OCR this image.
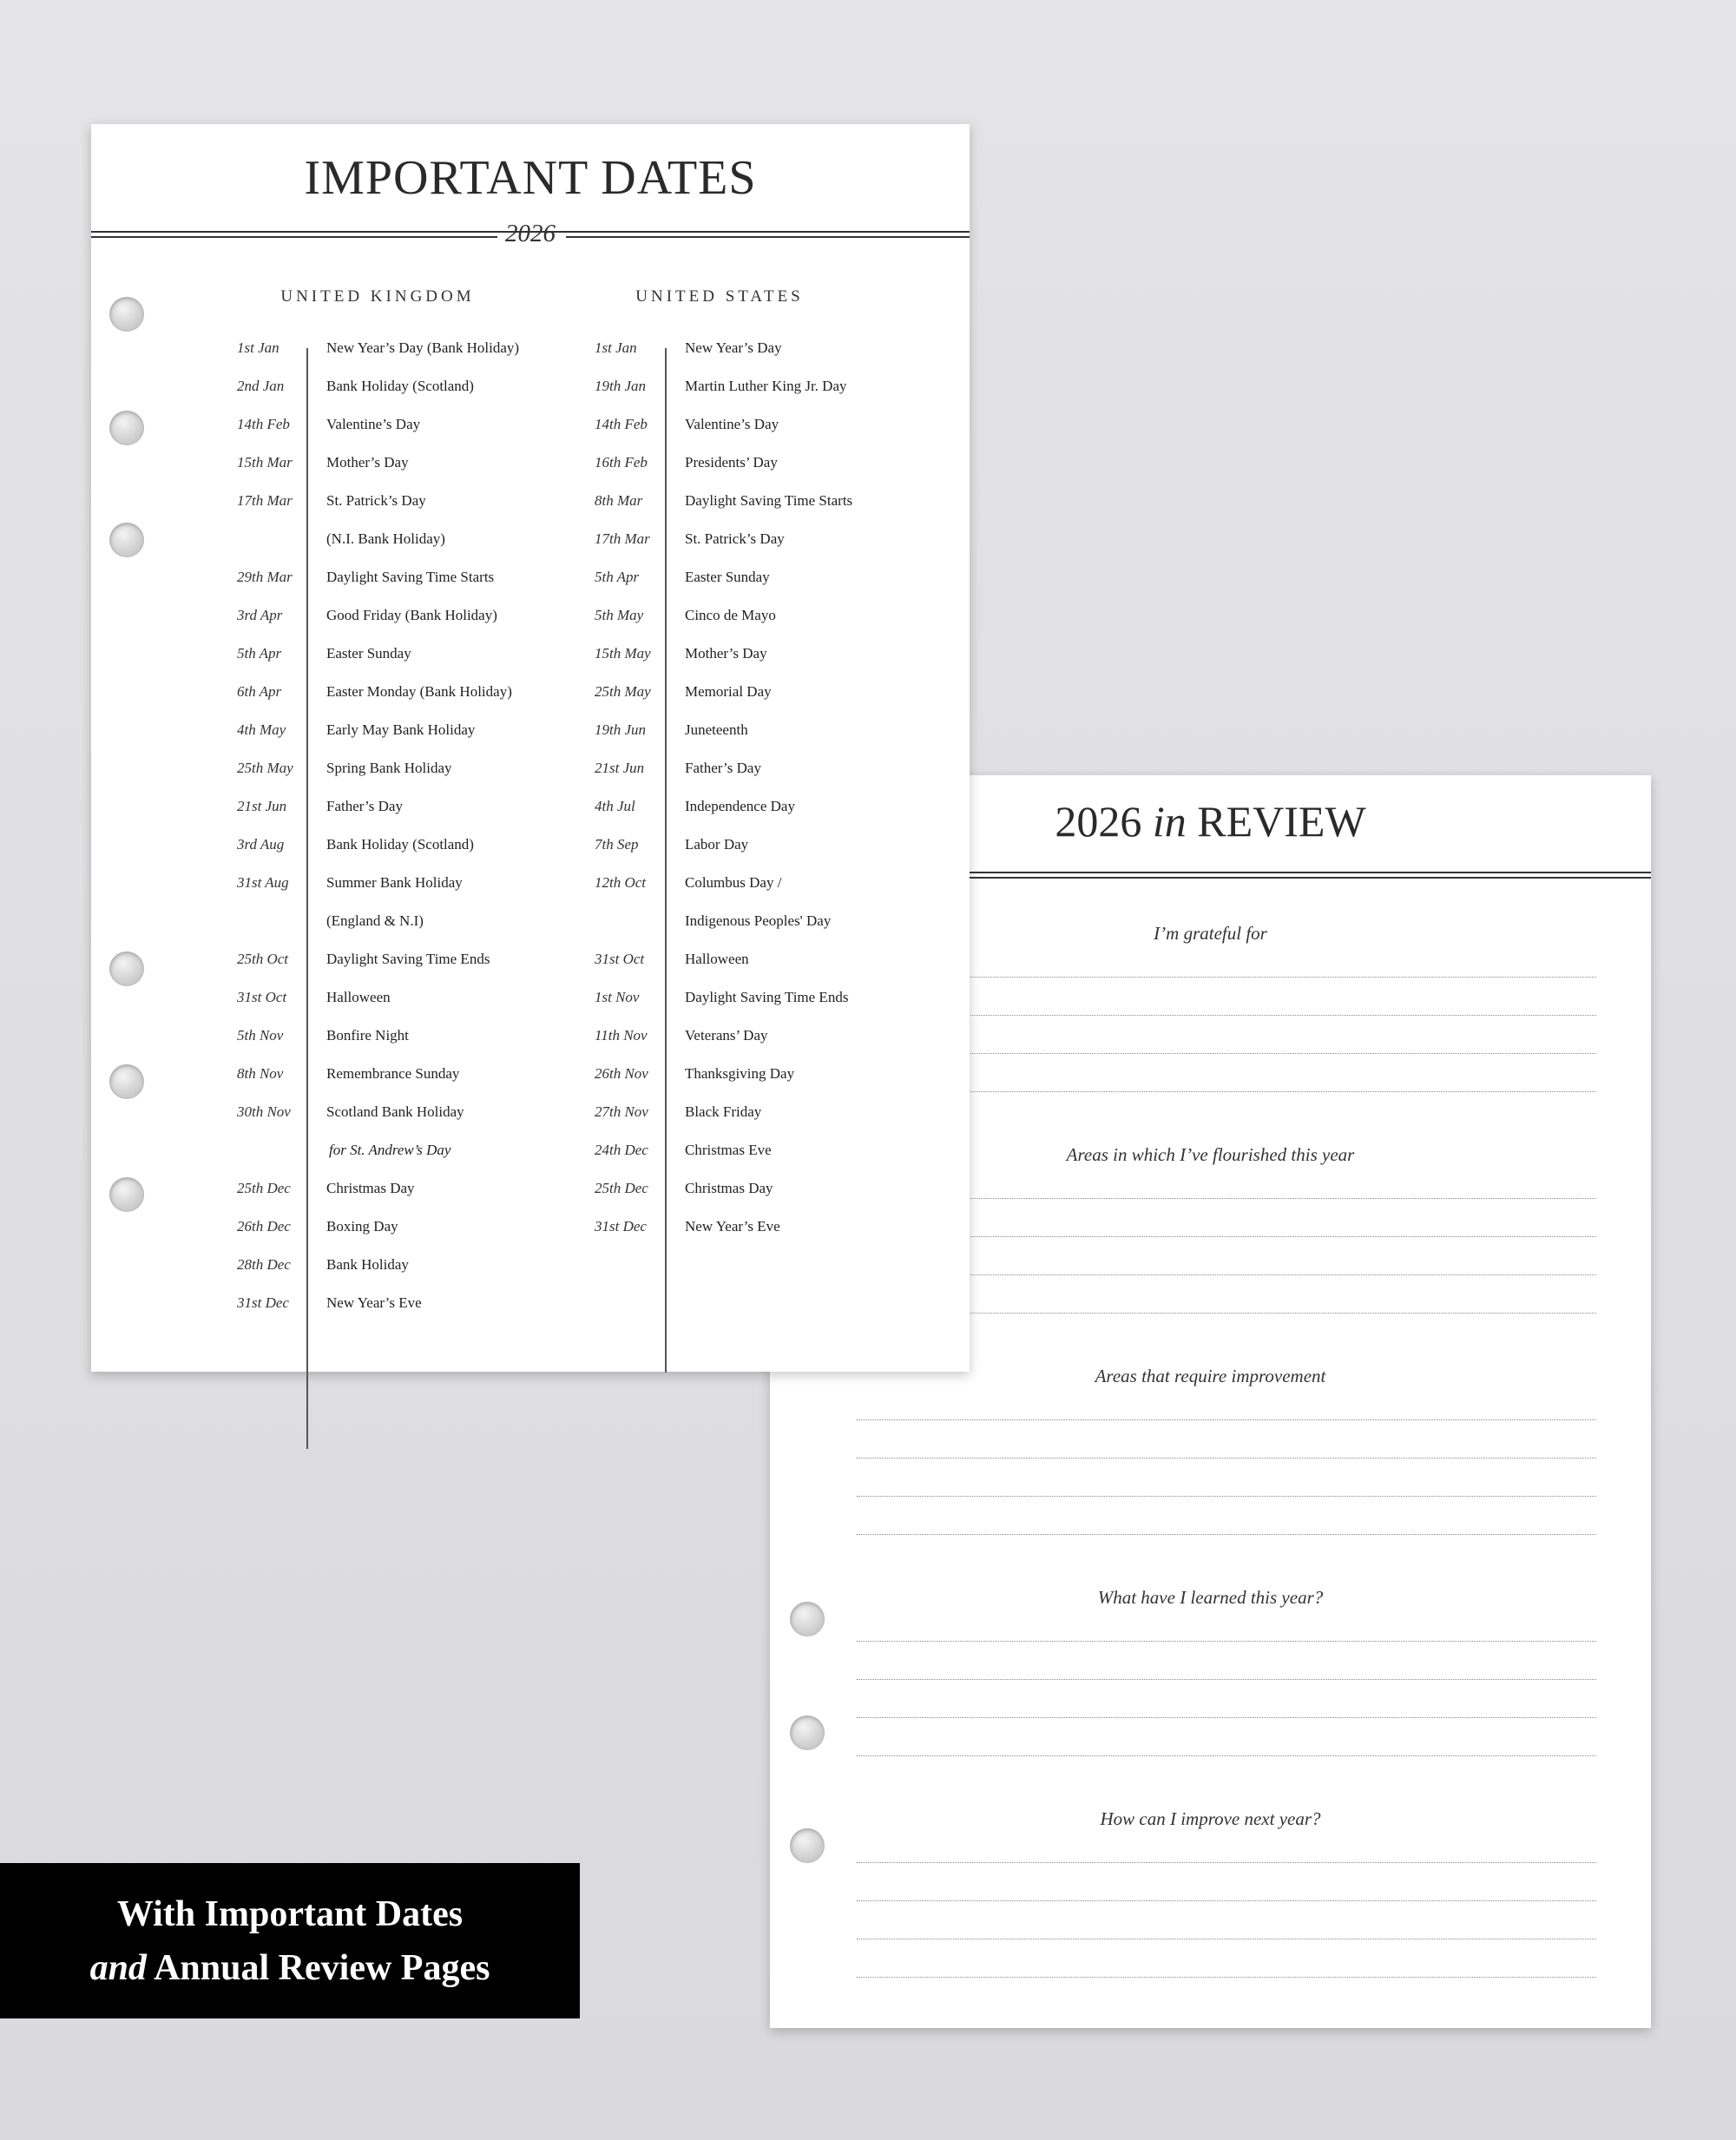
IMPORTANT DATES
2026
UNITED KINGDOM	UNITED STATES
1st Jan	New Year’s Day (Bank Holiday)
2nd Jan	Bank Holiday (Scotland)
14th Feb Valentine’s Day
15th Mar Mother’s Day
17th Mar St. Patrick’s Day
(N.I. Bank Holiday)
29th Mar Daylight Saving Time Starts
3rd Apr	Good Friday (Bank Holiday)
5th Apr	Easter Sunday
6th Apr	Easter Monday (Bank Holiday)
4th May	Early May Bank Holiday
25th May Spring Bank Holiday
21st Jun	Father’s Day
3rd Aug	Bank Holiday (Scotland)
31st Aug	Summer Bank Holiday
(England & N.I)
25th Oct	Daylight Saving Time Ends
31st Oct	Halloween
5th Nov	Bonfire Night
8th Nov	Remembrance Sunday
30th Nov Scotland Bank Holiday
for St. Andrew’s Day
25th Dec Christmas Day
26th Dec Boxing Day
28th Dec Bank Holiday
31st Dec	New Year’s Eve
1st Jan	New Year’s Day
19th Jan	Martin Luther King Jr. Day
14th Feb	Valentine’s Day
16th Feb	Presidents’ Day
8th Mar	Daylight Saving Time Starts
17th Mar St. Patrick’s Day
5th Apr	Easter Sunday
5th May	Cinco de Mayo
15th May Mother’s Day
25th May Memorial Day
19th Jun	Juneteenth
21st Jun	Father’s Day
4th Jul	Independence Day
7th Sep	Labor Day
12th Oct	Columbus Day /
Indigenous Peoples' Day
31st Oct	Halloween
1st Nov	Daylight Saving Time Ends
11th Nov	Veterans’ Day
26th Nov Thanksgiving Day
27th Nov Black Friday
24th Dec Christmas Eve
25th Dec Christmas Day
31st Dec	New Year’s Eve
2026 in REVIEW
I’m grateful for
Areas in which I’ve flourished this year
Areas that require improvement
What have I learned this year?
How can I improve next year?
With Important Dates
and Annual Review Pages
